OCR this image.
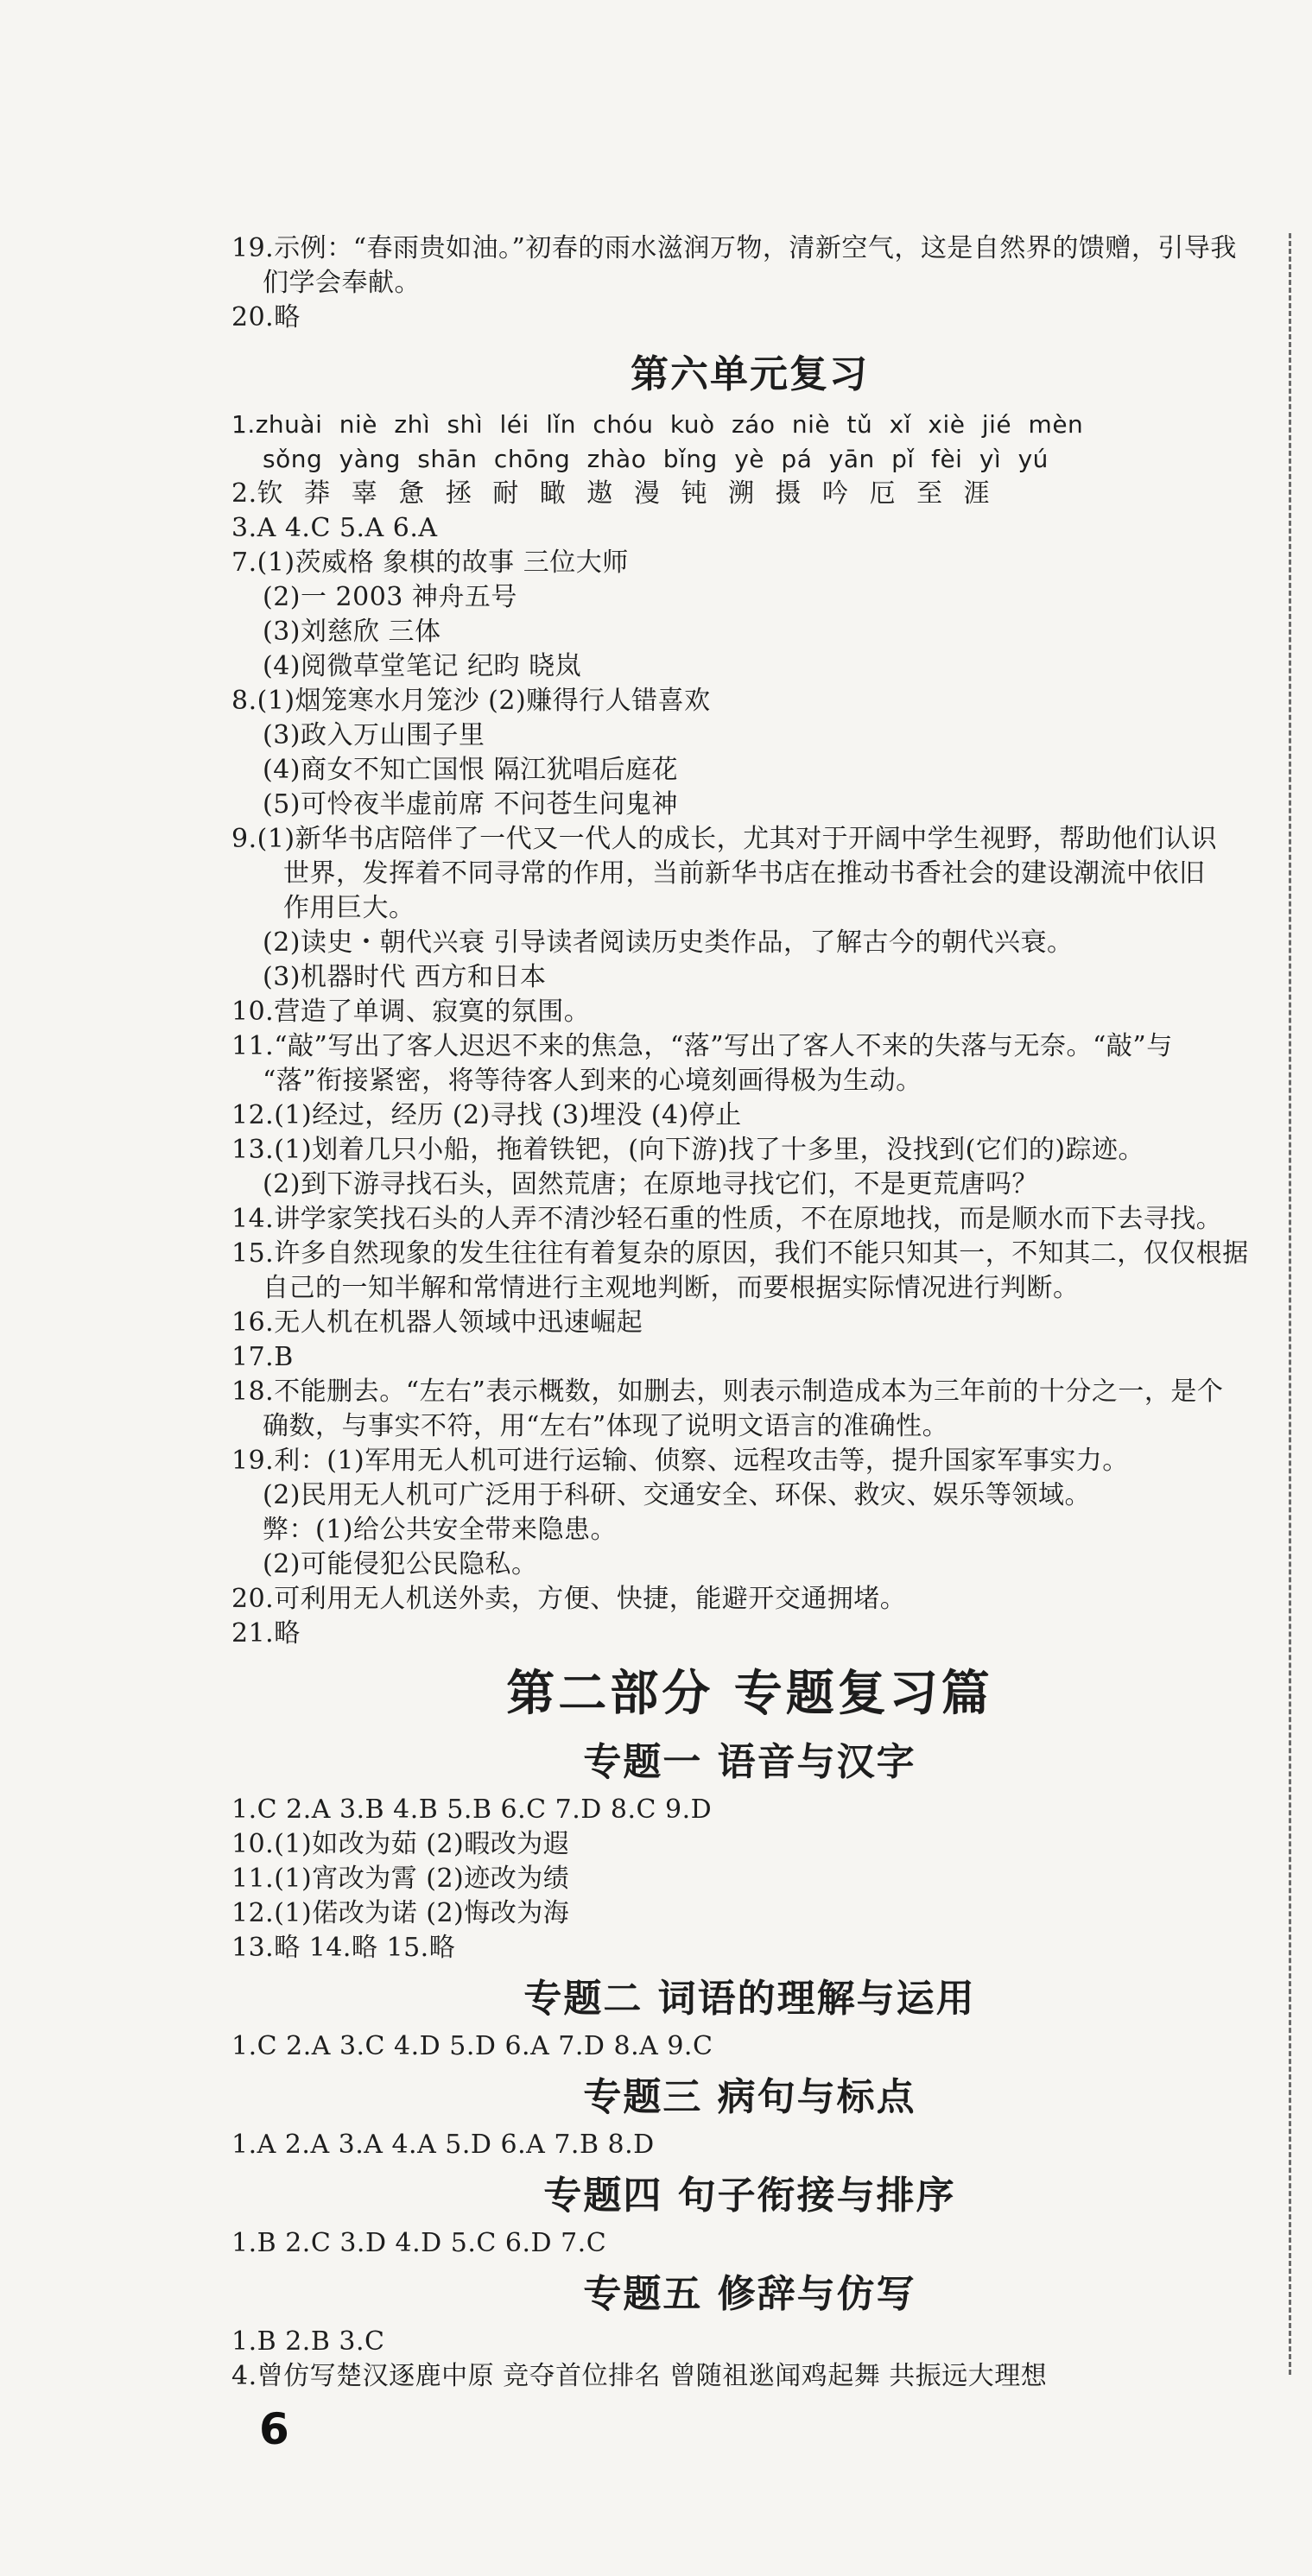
19.示例：“春雨贵如油。”初春的雨水滋润万物，清新空气，这是自然界的馈赠，引导我
们学会奉献。
20.略
第六单元复习
1.zhuài niè zhì shì léi lǐn chóu kuò záo niè tǔ xǐ xiè jié mèn
sǒng yàng shān chōng zhào bǐng yè pá yān pǐ fèi yì yú
2.钦 莽 辜 惫 拯 耐 瞰 遨 漫 钝 溯 摄 吟 厄 至 涯
3.A 4.C 5.A 6.A
7.(1)茨威格 象棋的故事 三位大师
(2)一 2003 神舟五号
(3)刘慈欣 三体
(4)阅微草堂笔记 纪昀 晓岚
8.(1)烟笼寒水月笼沙 (2)赚得行人错喜欢
(3)政入万山围子里
(4)商女不知亡国恨 隔江犹唱后庭花
(5)可怜夜半虚前席 不问苍生问鬼神
9.(1)新华书店陪伴了一代又一代人的成长，尤其对于开阔中学生视野，帮助他们认识
世界，发挥着不同寻常的作用，当前新华书店在推动书香社会的建设潮流中依旧
作用巨大。
(2)读史・朝代兴衰 引导读者阅读历史类作品，了解古今的朝代兴衰。
(3)机器时代 西方和日本
10.营造了单调、寂寞的氛围。
11.“敲”写出了客人迟迟不来的焦急，“落”写出了客人不来的失落与无奈。“敲”与
“落”衔接紧密，将等待客人到来的心境刻画得极为生动。
12.(1)经过，经历 (2)寻找 (3)埋没 (4)停止
13.(1)划着几只小船，拖着铁钯，(向下游)找了十多里，没找到(它们的)踪迹。
(2)到下游寻找石头，固然荒唐；在原地寻找它们，不是更荒唐吗？
14.讲学家笑找石头的人弄不清沙轻石重的性质，不在原地找，而是顺水而下去寻找。
15.许多自然现象的发生往往有着复杂的原因，我们不能只知其一，不知其二，仅仅根据
自己的一知半解和常情进行主观地判断，而要根据实际情况进行判断。
16.无人机在机器人领域中迅速崛起
17.B
18.不能删去。“左右”表示概数，如删去，则表示制造成本为三年前的十分之一，是个
确数，与事实不符，用“左右”体现了说明文语言的准确性。
19.利：(1)军用无人机可进行运输、侦察、远程攻击等，提升国家军事实力。
(2)民用无人机可广泛用于科研、交通安全、环保、救灾、娱乐等领域。
弊：(1)给公共安全带来隐患。
(2)可能侵犯公民隐私。
20.可利用无人机送外卖，方便、快捷，能避开交通拥堵。
21.略
第二部分 专题复习篇
专题一 语音与汉字
1.C 2.A 3.B 4.B 5.B 6.C 7.D 8.C 9.D
10.(1)如改为茹 (2)暇改为遐
11.(1)宵改为霄 (2)迹改为绩
12.(1)偌改为诺 (2)悔改为海
13.略 14.略 15.略
专题二 词语的理解与运用
1.C 2.A 3.C 4.D 5.D 6.A 7.D 8.A 9.C
专题三 病句与标点
1.A 2.A 3.A 4.A 5.D 6.A 7.B 8.D
专题四 句子衔接与排序
1.B 2.C 3.D 4.D 5.C 6.D 7.C
专题五 修辞与仿写
1.B 2.B 3.C
4.曾仿写楚汉逐鹿中原 竞夺首位排名 曾随祖逖闻鸡起舞 共振远大理想
6
